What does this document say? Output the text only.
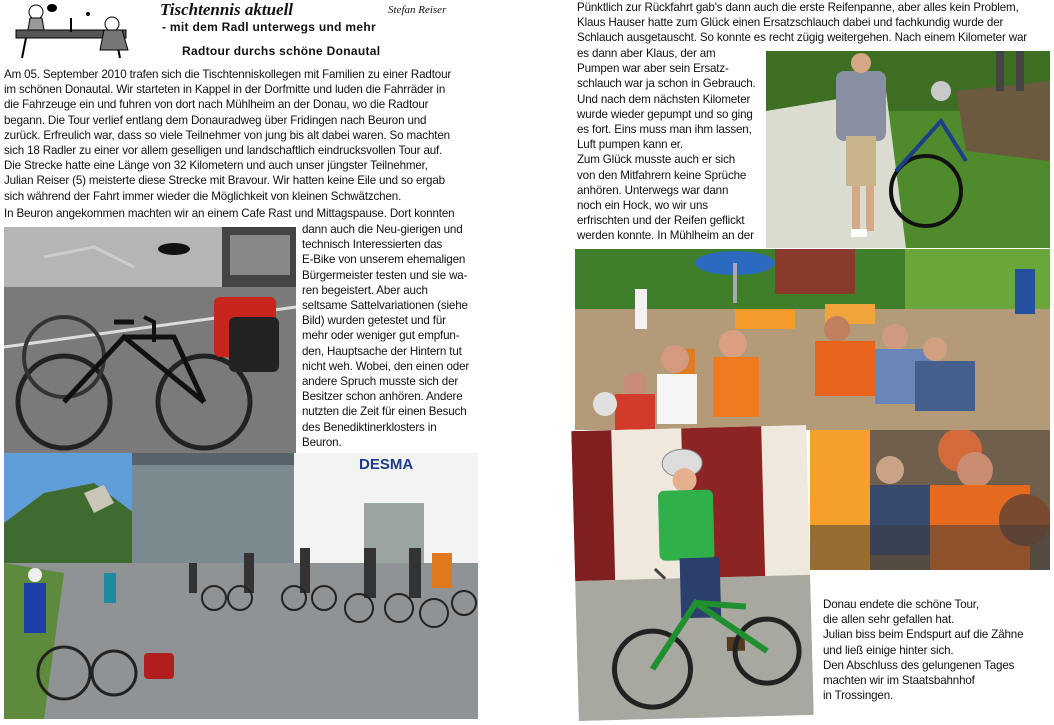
Tischtennis aktuell	Stefan Reiser
- mit dem Radl unterwegs und mehr
Radtour durchs schöne Donautal

Am 05. September 2010 trafen sich die Tischtenniskollegen mit Familien zu einer Radtour

im schönen Donautal. Wir starteten in Kappel in der Dorfmitte und luden die Fahrräder in

die Fahrzeuge ein und fuhren von dort nach Mühlheim an der Donau, wo die Radtour

begann. Die Tour verlief entlang dem Donauradweg über Fridingen nach Beuron und

zurück. Erfreulich war, dass so viele Teilnehmer von jung bis alt dabei waren. So machten

sich 18 Radler zu einer vor allem geselligen und landschaftlich eindrucksvollen Tour auf.

Die Strecke hatte eine Länge von 32 Kilometern und auch unser jüngster Teilnehmer,

Julian Reiser (5) meisterte diese Strecke mit Bravour. Wir hatten keine Eile und so ergab

sich während der Fahrt immer wieder die Möglichkeit von kleinen Schwätzchen.

In Beuron angekommen machten wir an einem Cafe Rast und Mittagspause. Dort konnten

dann auch die Neu-gierigen und

technisch Interessierten das

E-Bike von unserem ehemaligen

Bürgermeister testen und sie wa-

ren begeistert. Aber auch

seltsame Sattelvariationen (siehe

Bild) wurden getestet und für

mehr oder weniger gut empfun-

den, Hauptsache der Hintern tut

nicht weh. Wobei, den einen oder

andere Spruch musste sich der

Besitzer schon anhören. Andere

nutzten die Zeit für einen Besuch

des Benediktinerklosters in

Beuron.

DESMA

Pünktlich zur Rückfahrt gab's dann auch die erste Reifenpanne, aber alles kein Problem,

Klaus Hauser hatte zum Glück einen Ersatzschlauch dabei und fachkundig wurde der

Schlauch ausgetauscht. So konnte es recht zügig weitergehen. Nach einem Kilometer war

es dann aber Klaus, der am

Pumpen war aber sein Ersatz-

schlauch war ja schon in Gebrauch.

Und nach dem nächsten Kilometer

wurde wieder gepumpt und so ging

es fort. Eins muss man ihm lassen,

Luft pumpen kann er.

Zum Glück musste auch er sich

von den Mitfahrern keine Sprüche

anhören. Unterwegs war dann

noch ein Hock, wo wir uns

erfrischten und der Reifen geflickt

werden konnte. In Mühlheim an der

Donau endete die schöne Tour,

die allen sehr gefallen hat.

Julian biss beim Endspurt auf die Zähne

und ließ einige hinter sich.

Den Abschluss des gelungenen Tages

machten wir im Staatsbahnhof

in Trossingen.
